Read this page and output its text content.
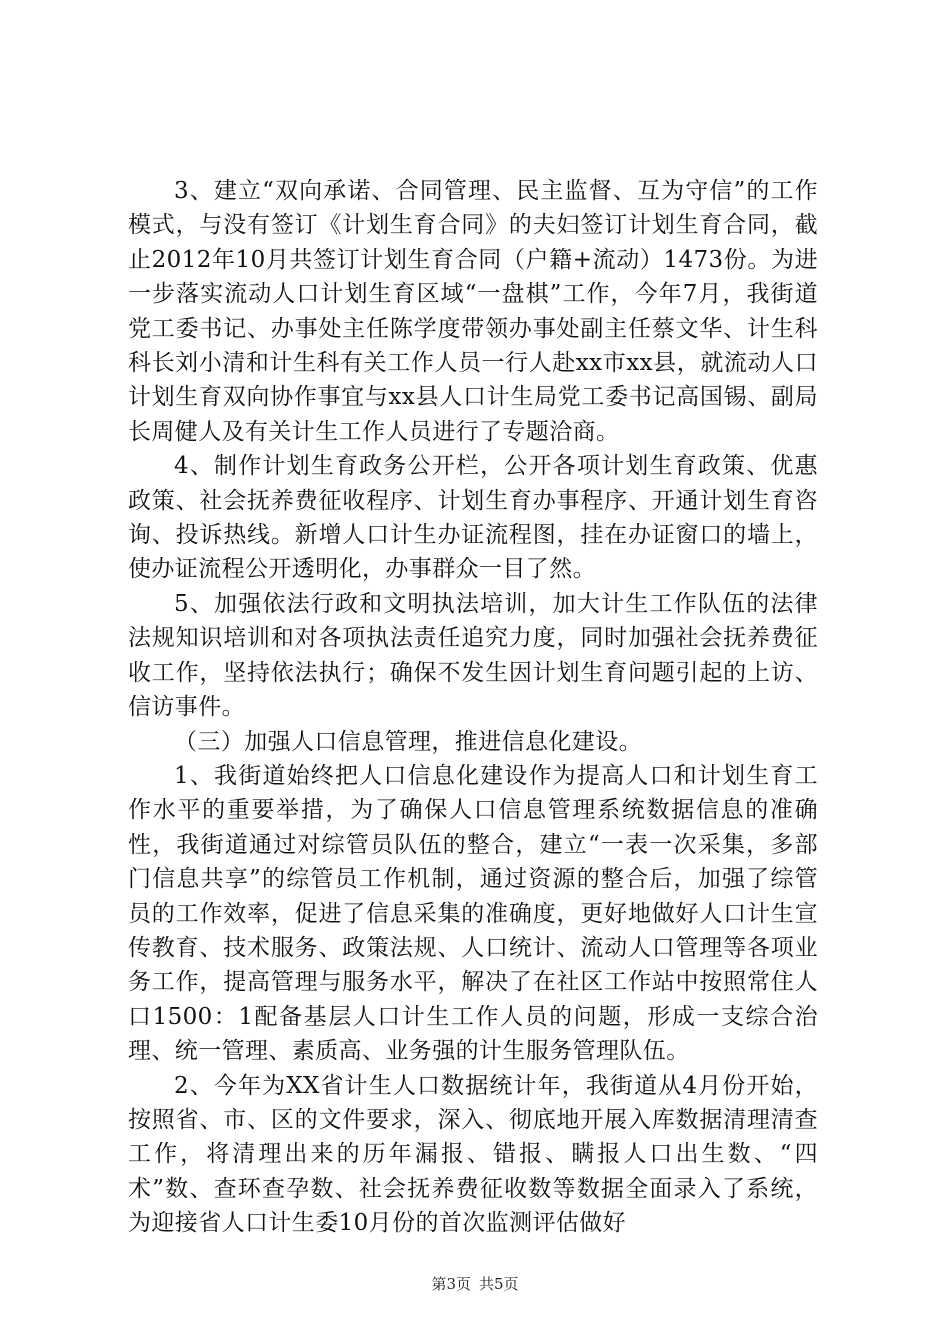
3、建立“双向承诺、合同管理、民主监督、互为守信”的工作模式，与没有签订《计划生育合同》的夫妇签订计划生育合同，截止2012年10月共签订计划生育合同（户籍+流动）1473份。为进一步落实流动人口计划生育区域“一盘棋”工作，今年7月，我街道党工委书记、办事处主任陈学度带领办事处副主任蔡文华、计生科科长刘小清和计生科有关工作人员一行人赴xx市xx县，就流动人口计划生育双向协作事宜与xx县人口计生局党工委书记高国锡、副局长周健人及有关计生工作人员进行了专题洽商。

4、制作计划生育政务公开栏，公开各项计划生育政策、优惠政策、社会抚养费征收程序、计划生育办事程序、开通计划生育咨询、投诉热线。新增人口计生办证流程图，挂在办证窗口的墙上，使办证流程公开透明化，办事群众一目了然。

5、加强依法行政和文明执法培训，加大计生工作队伍的法律法规知识培训和对各项执法责任追究力度，同时加强社会抚养费征收工作，坚持依法执行；确保不发生因计划生育问题引起的上访、信访事件。

（三）加强人口信息管理，推进信息化建设。

1、我街道始终把人口信息化建设作为提高人口和计划生育工作水平的重要举措，为了确保人口信息管理系统数据信息的准确性，我街道通过对综管员队伍的整合，建立“一表一次采集，多部门信息共享”的综管员工作机制，通过资源的整合后，加强了综管员的工作效率，促进了信息采集的准确度，更好地做好人口计生宣传教育、技术服务、政策法规、人口统计、流动人口管理等各项业务工作，提高管理与服务水平，解决了在社区工作站中按照常住人口1500：1配备基层人口计生工作人员的问题，形成一支综合治理、统一管理、素质高、业务强的计生服务管理队伍。

2、今年为XX省计生人口数据统计年，我街道从4月份开始，按照省、市、区的文件要求，深入、彻底地开展入库数据清理清查工作，将清理出来的历年漏报、错报、瞒报人口出生数、“四术”数、查环查孕数、社会抚养费征收数等数据全面录入了系统，为迎接省人口计生委10月份的首次监测评估做好

第3页 共5页
